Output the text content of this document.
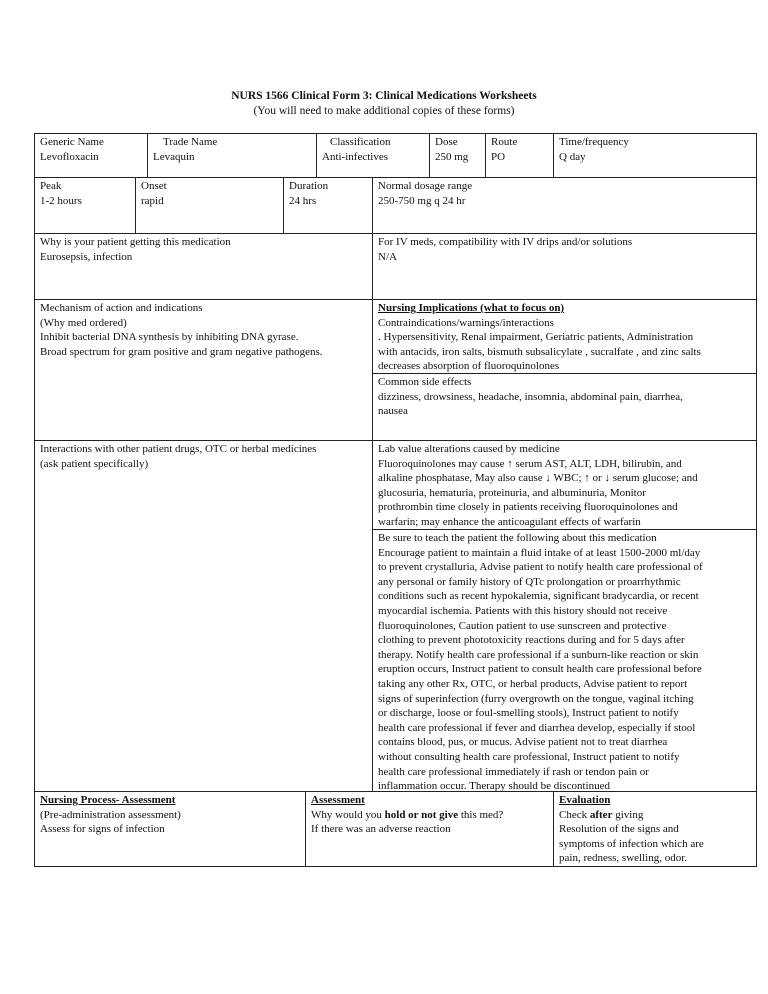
NURS 1566 Clinical Form 3: Clinical Medications Worksheets
(You will need to make additional copies of these forms)
Generic Name
Levofloxacin
Trade Name
Levaquin
Classification
Anti-infectives
Dose
250 mg
Route
PO
Time/frequency
Q day
Peak
1-2 hours
Onset
rapid
Duration
24 hrs
Normal dosage range
250-750 mg q 24 hr
Why is your patient getting this medication
Eurosepsis, infection
For IV meds, compatibility with IV drips and/or solutions
N/A
Mechanism of action and indications
(Why med ordered)
Inhibit bacterial DNA synthesis by inhibiting DNA gyrase.
Broad spectrum for gram positive and gram negative pathogens.
Nursing Implications (what to focus on)
Contraindications/warnings/interactions
. Hypersensitivity, Renal impairment, Geriatric patients, Administration
with antacids, iron salts, bismuth subsalicylate , sucralfate , and zinc salts
decreases absorption of fluoroquinolones
Common side effects
dizziness, drowsiness, headache, insomnia, abdominal pain, diarrhea,
nausea
Interactions with other patient drugs, OTC or herbal medicines
(ask patient specifically)
Lab value alterations caused by medicine
Fluoroquinolones may cause ↑ serum AST, ALT, LDH, bilirubin, and
alkaline phosphatase, May also cause ↓ WBC; ↑ or ↓ serum glucose; and
glucosuria, hematuria, proteinuria, and albuminuria, Monitor
prothrombin time closely in patients receiving fluoroquinolones and
warfarin; may enhance the anticoagulant effects of warfarin
Be sure to teach the patient the following about this medication
Encourage patient to maintain a fluid intake of at least 1500-2000 ml/day
to prevent crystalluria, Advise patient to notify health care professional of
any personal or family history of QTc prolongation or proarrhythmic
conditions such as recent hypokalemia, significant bradycardia, or recent
myocardial ischemia. Patients with this history should not receive
fluoroquinolones, Caution patient to use sunscreen and protective
clothing to prevent phototoxicity reactions during and for 5 days after
therapy. Notify health care professional if a sunburn-like reaction or skin
eruption occurs, Instruct patient to consult health care professional before
taking any other Rx, OTC, or herbal products, Advise patient to report
signs of superinfection (furry overgrowth on the tongue, vaginal itching
or discharge, loose or foul-smelling stools), Instruct patient to notify
health care professional if fever and diarrhea develop, especially if stool
contains blood, pus, or mucus. Advise patient not to treat diarrhea
without consulting health care professional, Instruct patient to notify
health care professional immediately if rash or tendon pain or
inflammation occur. Therapy should be discontinued
Nursing Process- Assessment
(Pre-administration assessment)
Assess for signs of infection
Assessment
Why would you hold or not give this med?
If there was an adverse reaction
Evaluation
Check after giving
Resolution of the signs and
symptoms of infection which are
pain, redness, swelling, odor.
